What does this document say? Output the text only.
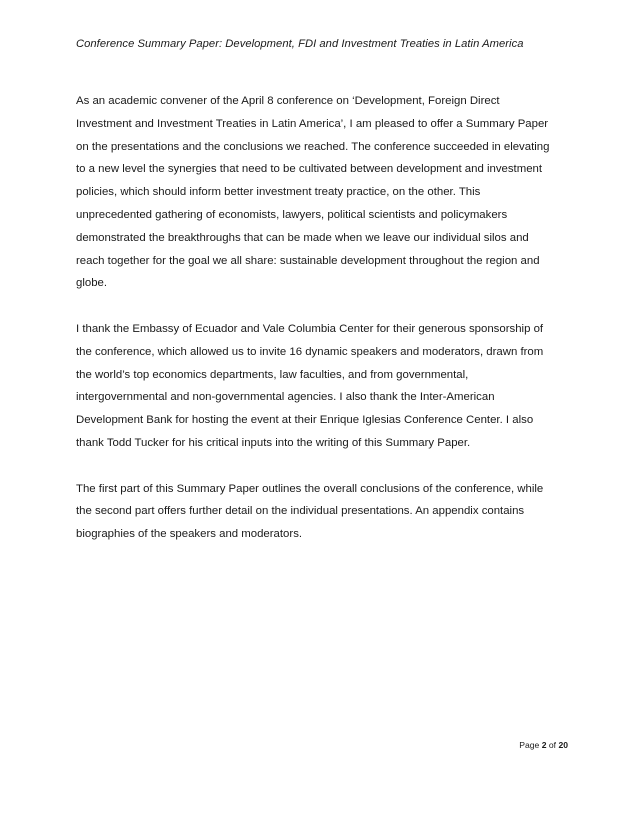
Conference Summary Paper: Development, FDI and Investment Treaties in Latin America

As an academic convener of the April 8 conference on ‘Development, Foreign Direct
Investment and Investment Treaties in Latin America’, I am pleased to offer a Summary Paper
on the presentations and the conclusions we reached. The conference succeeded in elevating
to a new level the synergies that need to be cultivated between development and investment
policies, which should inform better investment treaty practice, on the other. This
unprecedented gathering of economists, lawyers, political scientists and policymakers
demonstrated the breakthroughs that can be made when we leave our individual silos and
reach together for the goal we all share: sustainable development throughout the region and
globe.

I thank the Embassy of Ecuador and Vale Columbia Center for their generous sponsorship of
the conference, which allowed us to invite 16 dynamic speakers and moderators, drawn from
the world’s top economics departments, law faculties, and from governmental,
intergovernmental and non-governmental agencies. I also thank the Inter-American
Development Bank for hosting the event at their Enrique Iglesias Conference Center. I also
thank Todd Tucker for his critical inputs into the writing of this Summary Paper.

The first part of this Summary Paper outlines the overall conclusions of the conference, while
the second part offers further detail on the individual presentations. An appendix contains
biographies of the speakers and moderators.

Page 2 of 20
